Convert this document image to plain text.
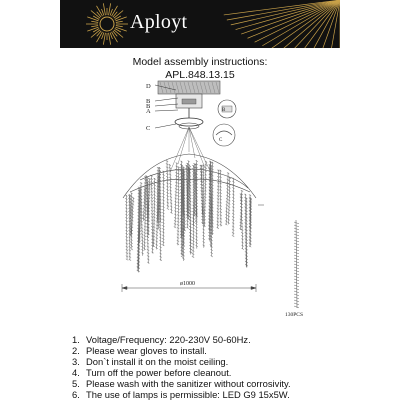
Aployt
Model assembly instructions:
APL.848.13.15
D
B
B
A
C
B
C
ø1000
130PCS
1. Voltage/Frequency: 220-230V 50-60Hz.
2. Please wear gloves to install.
3. Don`t install it on the moist ceiling.
4. Turn off the power before cleanout.
5. Please wash with the sanitizer without corrosivity.
6. The use of lamps is permissible: LED G9 15x5W.
